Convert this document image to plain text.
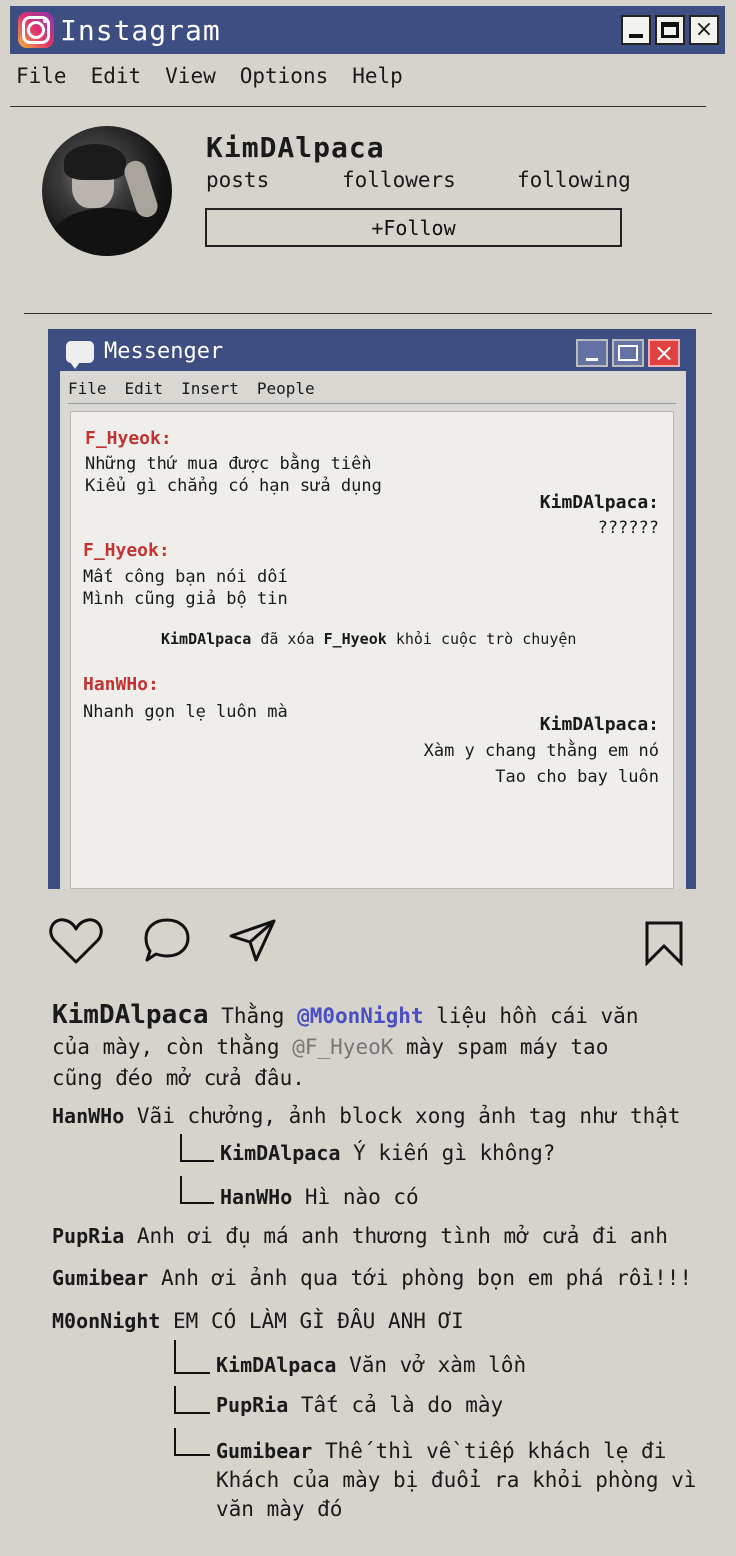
Instagram	×
File Edit View Options Help
KimDAlpaca
posts	followers	following
+Follow
Messenger	×
File Edit Insert People
F_Hyeok:
Những thứ mua được bằng tiền
Kiểu gì chẳng có hạn sửa dụng
KimDAlpaca:
??????
F_Hyeok:
Mất công bạn nói dối
Mình cũng giả bộ tin
KimDAlpaca đã xóa F_Hyeok khỏi cuộc trò chuyện
HanWHo:
Nhanh gọn lẹ luôn mà
KimDAlpaca:
Xàm y chang thằng em nó
Tao cho bay luôn
KimDAlpaca Thằng @M0onNight liệu hồn cái văn
của mày, còn thằng @F_HyeoK mày spam máy tao
cũng đéo mở cửa đâu.
HanWHo Vãi chưởng, ảnh block xong ảnh tag như thật
KimDAlpaca Ý kiến gì không?
HanWHo Hì nào có
PupRia Anh ơi đụ má anh thương tình mở cửa đi anh
Gumibear Anh ơi ảnh qua tới phòng bọn em phá rồi!!!
M0onNight EM CÓ LÀM GÌ ĐÂU ANH ƠI
KimDAlpaca Văn vở xàm lồn
PupRia Tất cả là do mày
Gumibear Thế thì về tiếp khách lẹ đi
Khách của mày bị đuổi ra khỏi phòng vì
văn mày đó
